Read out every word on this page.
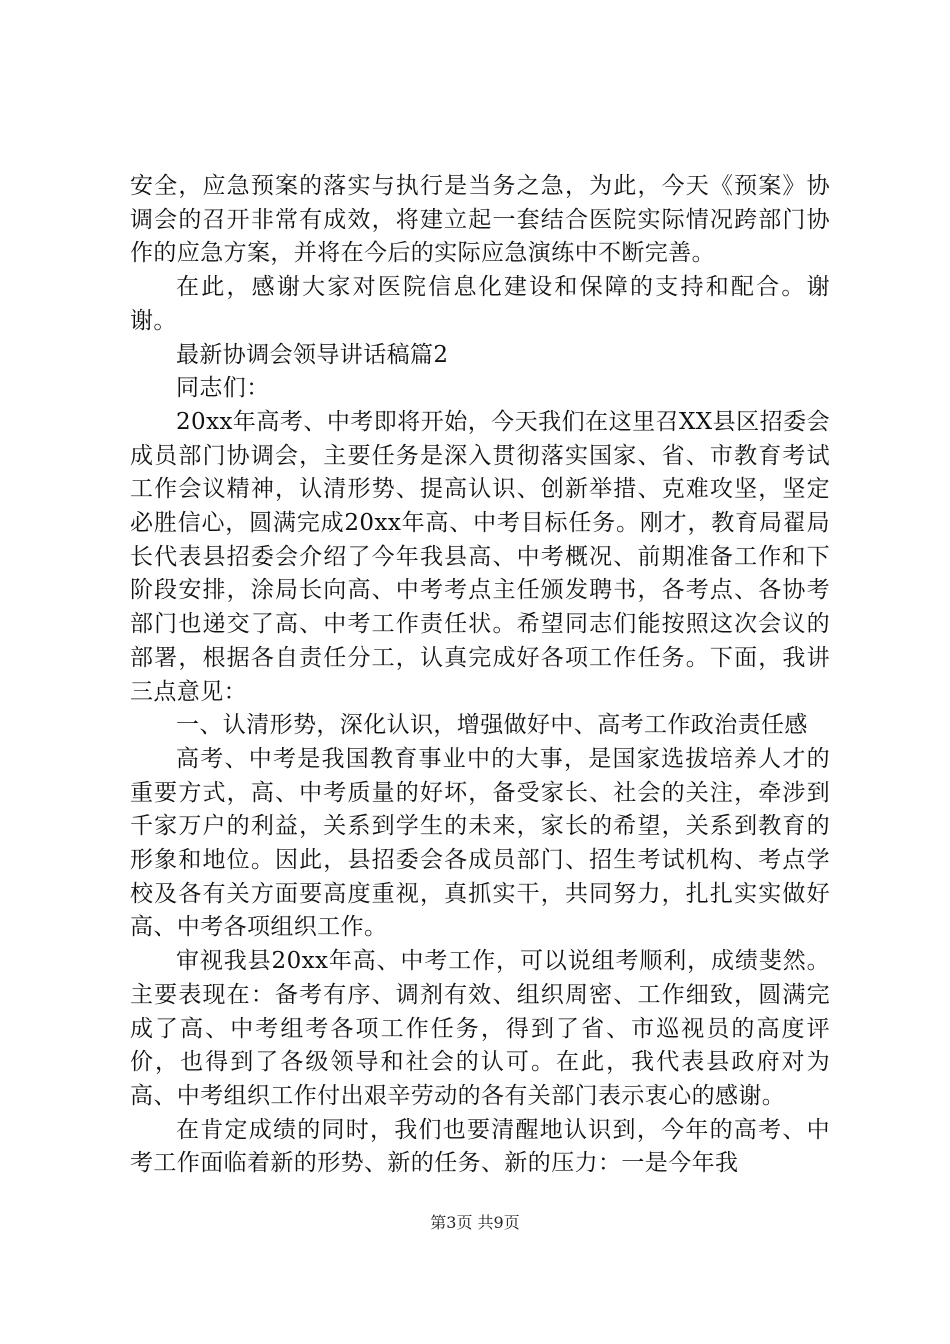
安全，应急预案的落实与执行是当务之急，为此，今天《预案》协调会的召开非常有成效，将建立起一套结合医院实际情况跨部门协作的应急方案，并将在今后的实际应急演练中不断完善。

在此，感谢大家对医院信息化建设和保障的支持和配合。谢谢。

最新协调会领导讲话稿篇2

同志们：

20xx年高考、中考即将开始，今天我们在这里召XX县区招委会成员部门协调会，主要任务是深入贯彻落实国家、省、市教育考试工作会议精神，认清形势、提高认识、创新举措、克难攻坚，坚定必胜信心，圆满完成20xx年高、中考目标任务。刚才，教育局翟局长代表县招委会介绍了今年我县高、中考概况、前期准备工作和下阶段安排，涂局长向高、中考考点主任颁发聘书，各考点、各协考部门也递交了高、中考工作责任状。希望同志们能按照这次会议的部署，根据各自责任分工，认真完成好各项工作任务。下面，我讲三点意见：

一、认清形势，深化认识，增强做好中、高考工作政治责任感

高考、中考是我国教育事业中的大事，是国家选拔培养人才的重要方式，高、中考质量的好坏，备受家长、社会的关注，牵涉到千家万户的利益，关系到学生的未来，家长的希望，关系到教育的形象和地位。因此，县招委会各成员部门、招生考试机构、考点学校及各有关方面要高度重视，真抓实干，共同努力，扎扎实实做好高、中考各项组织工作。

审视我县20xx年高、中考工作，可以说组考顺利，成绩斐然。主要表现在：备考有序、调剂有效、组织周密、工作细致，圆满完成了高、中考组考各项工作任务，得到了省、市巡视员的高度评价，也得到了各级领导和社会的认可。在此，我代表县政府对为高、中考组织工作付出艰辛劳动的各有关部门表示衷心的感谢。

在肯定成绩的同时，我们也要清醒地认识到，今年的高考、中考工作面临着新的形势、新的任务、新的压力：一是今年我

第3页 共9页
